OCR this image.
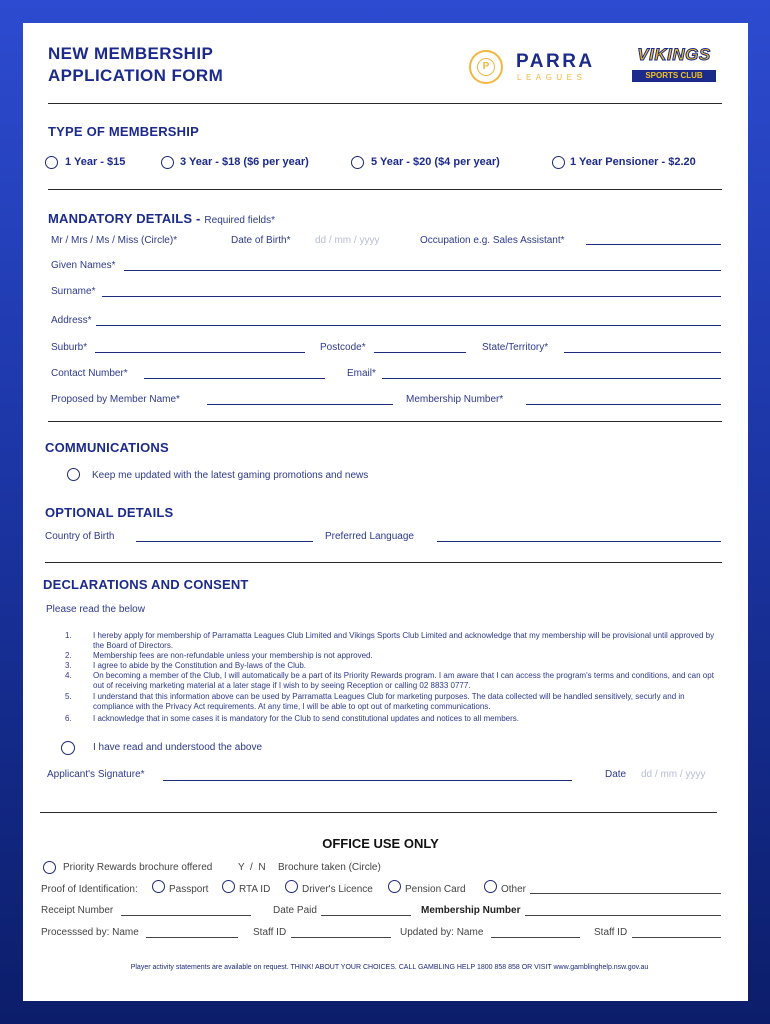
NEW MEMBERSHIP
APPLICATION FORM	P PARRA
LEAGUES
VIKINGS
SPORTS CLUB
TYPE OF MEMBERSHIP
1 Year - $15	3 Year - $18 ($6 per year)	5 Year - $20 ($4 per year)	1 Year Pensioner - $2.20
MANDATORY DETAILS - Required fields*
Mr / Mrs / Ms / Miss (Circle)*	Date of Birth* dd / mm / yyyy	Occupation e.g. Sales Assistant*
Given Names*
Surname*
Address*
Suburb*	Postcode*	State/Territory*
Contact Number*	Email*
Proposed by Member Name*	Membership Number*
COMMUNICATIONS
Keep me updated with the latest gaming promotions and news
OPTIONAL DETAILS
Country of Birth	Preferred Language
DECLARATIONS AND CONSENT
Please read the below
1.	I hereby apply for membership of Parramatta Leagues Club Limited and Vikings Sports Club Limited and acknowledge that my membership will be provisional until approved by the Board of Directors.
2.	Membership fees are non-refundable unless your membership is not approved.
3.	I agree to abide by the Constitution and By-laws of the Club.
4.	On becoming a member of the Club, I will automatically be a part of its Priority Rewards program. I am aware that I can access the program's terms and conditions, and can opt out of receiving marketing material at a later stage if I wish to by seeing Reception or calling 02 8833 0777.
5.	I understand that this information above can be used by Parramatta Leagues Club for marketing purposes. The data collected will be handled sensitively, securly and in compliance with the Privacy Act requirements. At any time, I will be able to opt out of marketing communications.
6.	I acknowledge that in some cases it is mandatory for the Club to send constitutional updates and notices to all members.
I have read and understood the above
Applicant's Signature*	Date dd / mm / yyyy
OFFICE USE ONLY
Priority Rewards brochure offered	Y  /  N Brochure taken (Circle)
Proof of Identification:	Passport	RTA ID	Driver's Licence	Pension Card	Other
Receipt Number	Date Paid	Membership Number
Processsed by: Name	Staff ID	Updated by: Name	Staff ID
Player activity statements are available on request. THINK! ABOUT YOUR CHOICES. CALL GAMBLING HELP 1800 858 858 OR VISIT www.gamblinghelp.nsw.gov.au
